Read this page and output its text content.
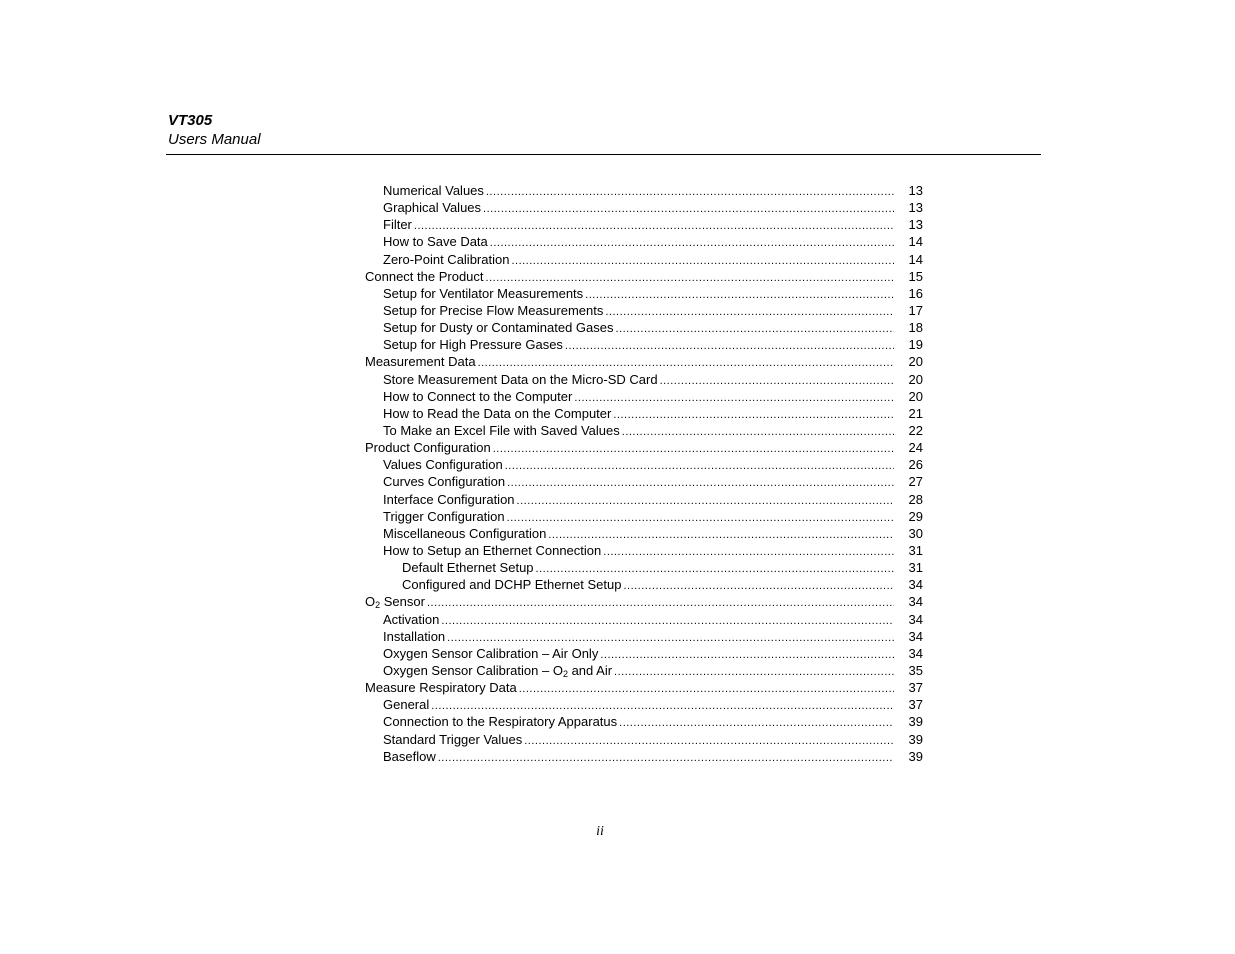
VT305
Users Manual
Numerical Values .....	13
Graphical Values .....	13
Filter .....	13
How to Save Data .....	14
Zero-Point Calibration .....	14
Connect the Product .....	15
Setup for Ventilator Measurements .....	16
Setup for Precise Flow Measurements .....	17
Setup for Dusty or Contaminated Gases .....	18
Setup for High Pressure Gases .....	19
Measurement Data .....	20
Store Measurement Data on the Micro-SD Card .....	20
How to Connect to the Computer .....	20
How to Read the Data on the Computer .....	21
To Make an Excel File with Saved Values .....	22
Product Configuration .....	24
Values Configuration .....	26
Curves Configuration .....	27
Interface Configuration .....	28
Trigger Configuration .....	29
Miscellaneous Configuration .....	30
How to Setup an Ethernet Connection .....	31
Default Ethernet Setup .....	31
Configured and DCHP Ethernet Setup .....	34
$O_2$ Sensor .....	34
Activation .....	34
Installation .....	34
Oxygen Sensor Calibration – Air Only .....	34
Oxygen Sensor Calibration – $O_2$ and Air .....	35
Measure Respiratory Data .....	37
General .....	37
Connection to the Respiratory Apparatus .....	39
Standard Trigger Values .....	39
Baseflow .....	39
ii
